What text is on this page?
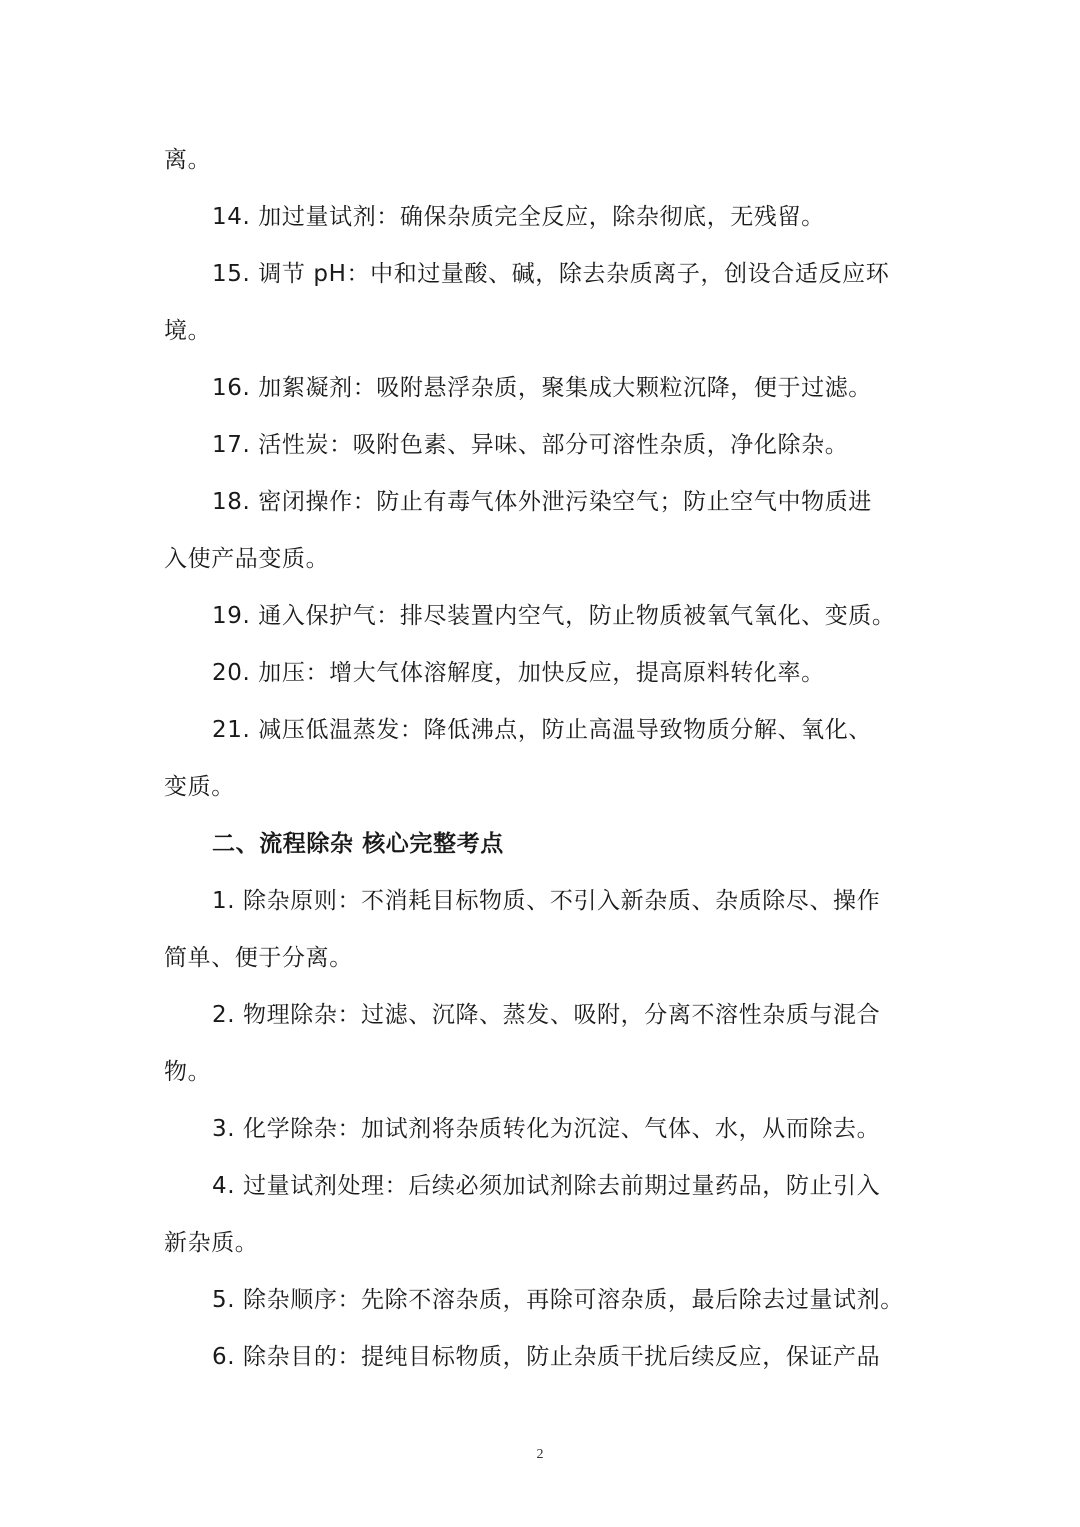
离。
14. 加过量试剂：确保杂质完全反应，除杂彻底，无残留。
15. 调节 pH：中和过量酸、碱，除去杂质离子，创设合适反应环
境。
16. 加絮凝剂：吸附悬浮杂质，聚集成大颗粒沉降，便于过滤。
17. 活性炭：吸附色素、异味、部分可溶性杂质，净化除杂。
18. 密闭操作：防止有毒气体外泄污染空气；防止空气中物质进
入使产品变质。
19. 通入保护气：排尽装置内空气，防止物质被氧气氧化、变质。
20. 加压：增大气体溶解度，加快反应，提高原料转化率。
21. 减压低温蒸发：降低沸点，防止高温导致物质分解、氧化、
变质。
二、流程除杂 核心完整考点
1. 除杂原则：不消耗目标物质、不引入新杂质、杂质除尽、操作
简单、便于分离。
2. 物理除杂：过滤、沉降、蒸发、吸附，分离不溶性杂质与混合
物。
3. 化学除杂：加试剂将杂质转化为沉淀、气体、水，从而除去。
4. 过量试剂处理：后续必须加试剂除去前期过量药品，防止引入
新杂质。
5. 除杂顺序：先除不溶杂质，再除可溶杂质，最后除去过量试剂。
6. 除杂目的：提纯目标物质，防止杂质干扰后续反应，保证产品
2
